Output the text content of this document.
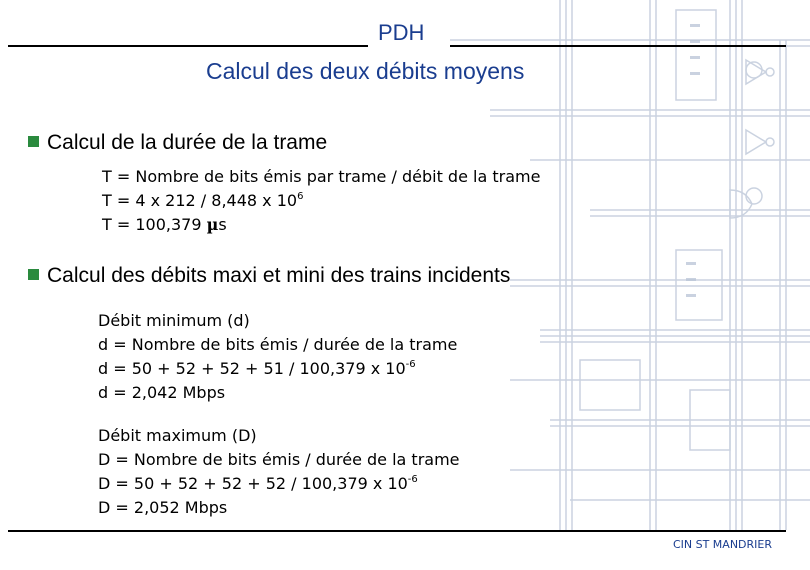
PDH
Calcul des deux débits moyens
Calcul de la durée de la trame
T = Nombre de bits émis par trame / débit de la trame
T = 4 x 212 / 8,448 x $10^6$
T = 100,379 µs
Calcul des débits maxi et mini des trains incidents
Débit minimum (d)
d = Nombre de bits émis / durée de la trame
d = 50 + 52 + 52 + 51 / 100,379 x $10^{-6}$
d = 2,042 Mbps
Débit maximum (D)
D = Nombre de bits émis / durée de la trame
D = 50 + 52 + 52 + 52 / 100,379 x $10^{-6}$
D = 2,052 Mbps
CIN ST MANDRIER
